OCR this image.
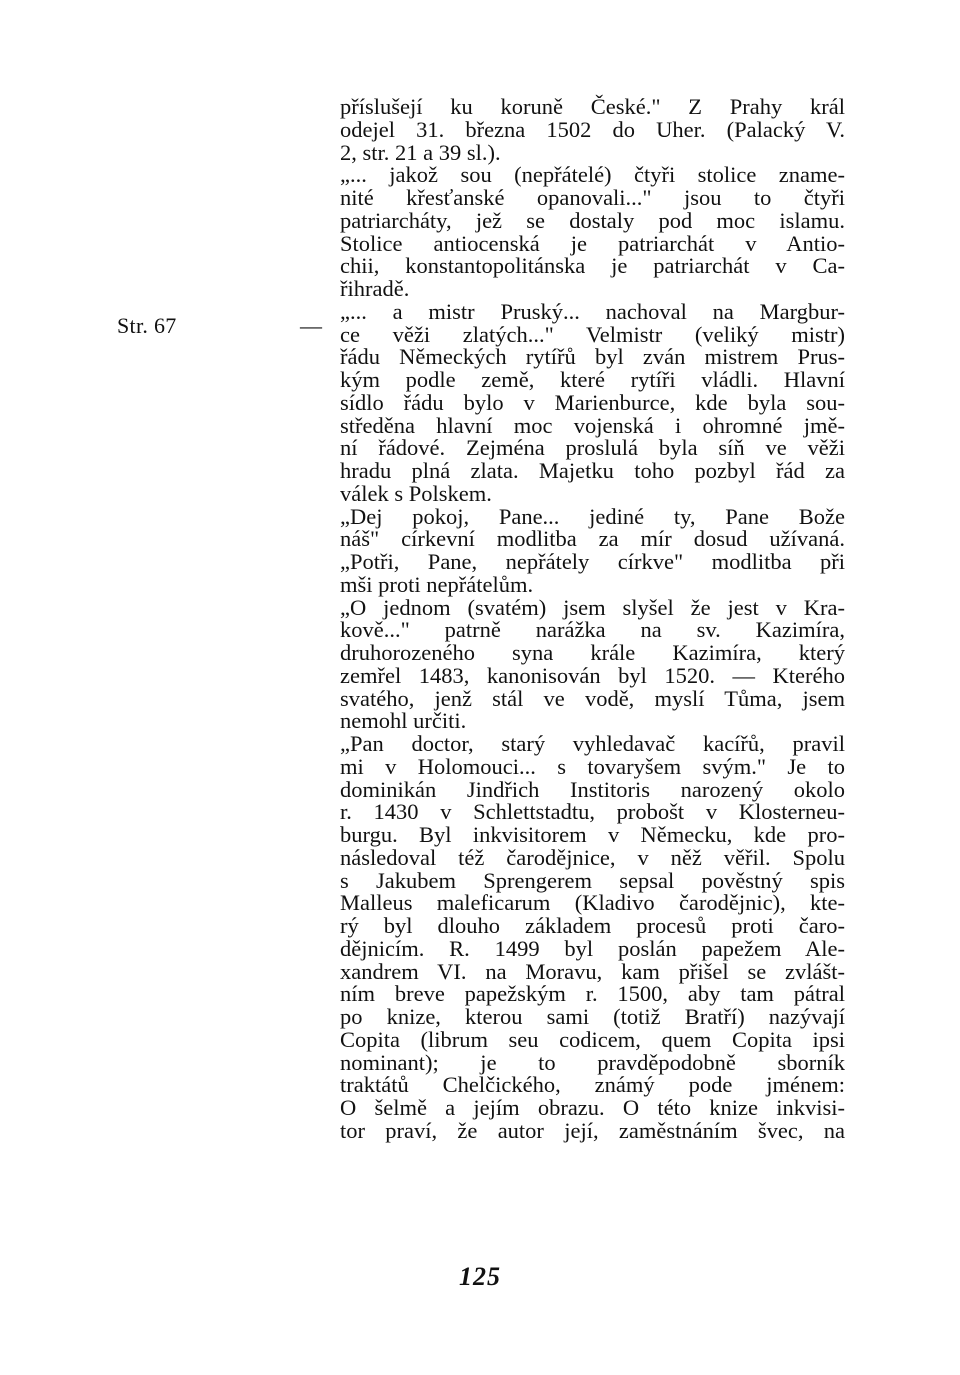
Str. 67	—
příslušejí ku koruně České." Z Prahy král
odejel 31. března 1502 do Uher. (Palacký V.
2, str. 21 a 39 sl.).
„... jakož sou (nepřátelé) čtyři stolice zname-
nité křesťanské opanovali..." jsou to čtyři
patriarcháty, jež se dostaly pod moc islamu.
Stolice antiocenská je patriarchát v Antio-
chii, konstantopolitánska je patriarchát v Ca-
řihradě.
„... a mistr Pruský... nachoval na Margbur-
ce věži zlatých..." Velmistr (veliký mistr)
řádu Německých rytířů byl zván mistrem Prus-
kým podle země, které rytíři vládli. Hlavní
sídlo řádu bylo v Marienburce, kde byla sou-
středěna hlavní moc vojenská i ohromné jmě-
ní řádové. Zejména proslulá byla síň ve věži
hradu plná zlata. Majetku toho pozbyl řád za
válek s Polskem.
„Dej pokoj, Pane... jediné ty, Pane Bože
náš" církevní modlitba za mír dosud užívaná.
„Potři, Pane, nepřátely církve" modlitba při
mši proti nepřátelům.
„O jednom (svatém) jsem slyšel že jest v Kra-
kově..." patrně narážka na sv. Kazimíra,
druhorozeného syna krále Kazimíra, který
zemřel 1483, kanonisován byl 1520. — Kterého
svatého, jenž stál ve vodě, myslí Tůma, jsem
nemohl určiti.
„Pan doctor, starý vyhledavač kacířů, pravil
mi v Holomouci... s tovaryšem svým." Je to
dominikán Jindřich Institoris narozený okolo
r. 1430 v Schlettstadtu, probošt v Klosterneu-
burgu. Byl inkvisitorem v Německu, kde pro-
následoval též čarodějnice, v něž věřil. Spolu
s Jakubem Sprengerem sepsal pověstný spis
Malleus maleficarum (Kladivo čarodějnic), kte-
rý byl dlouho základem procesů proti čaro-
dějnicím. R. 1499 byl poslán papežem Ale-
xandrem VI. na Moravu, kam přišel se zvlášt-
ním breve papežským r. 1500, aby tam pátral
po knize, kterou sami (totiž Bratří) nazývají
Copita (librum seu codicem, quem Copita ipsi
nominant); je to pravděpodobně sborník
traktátů Chelčického, známý pode jménem:
O šelmě a jejím obrazu. O této knize inkvisi-
tor praví, že autor její, zaměstnáním švec, na
125
